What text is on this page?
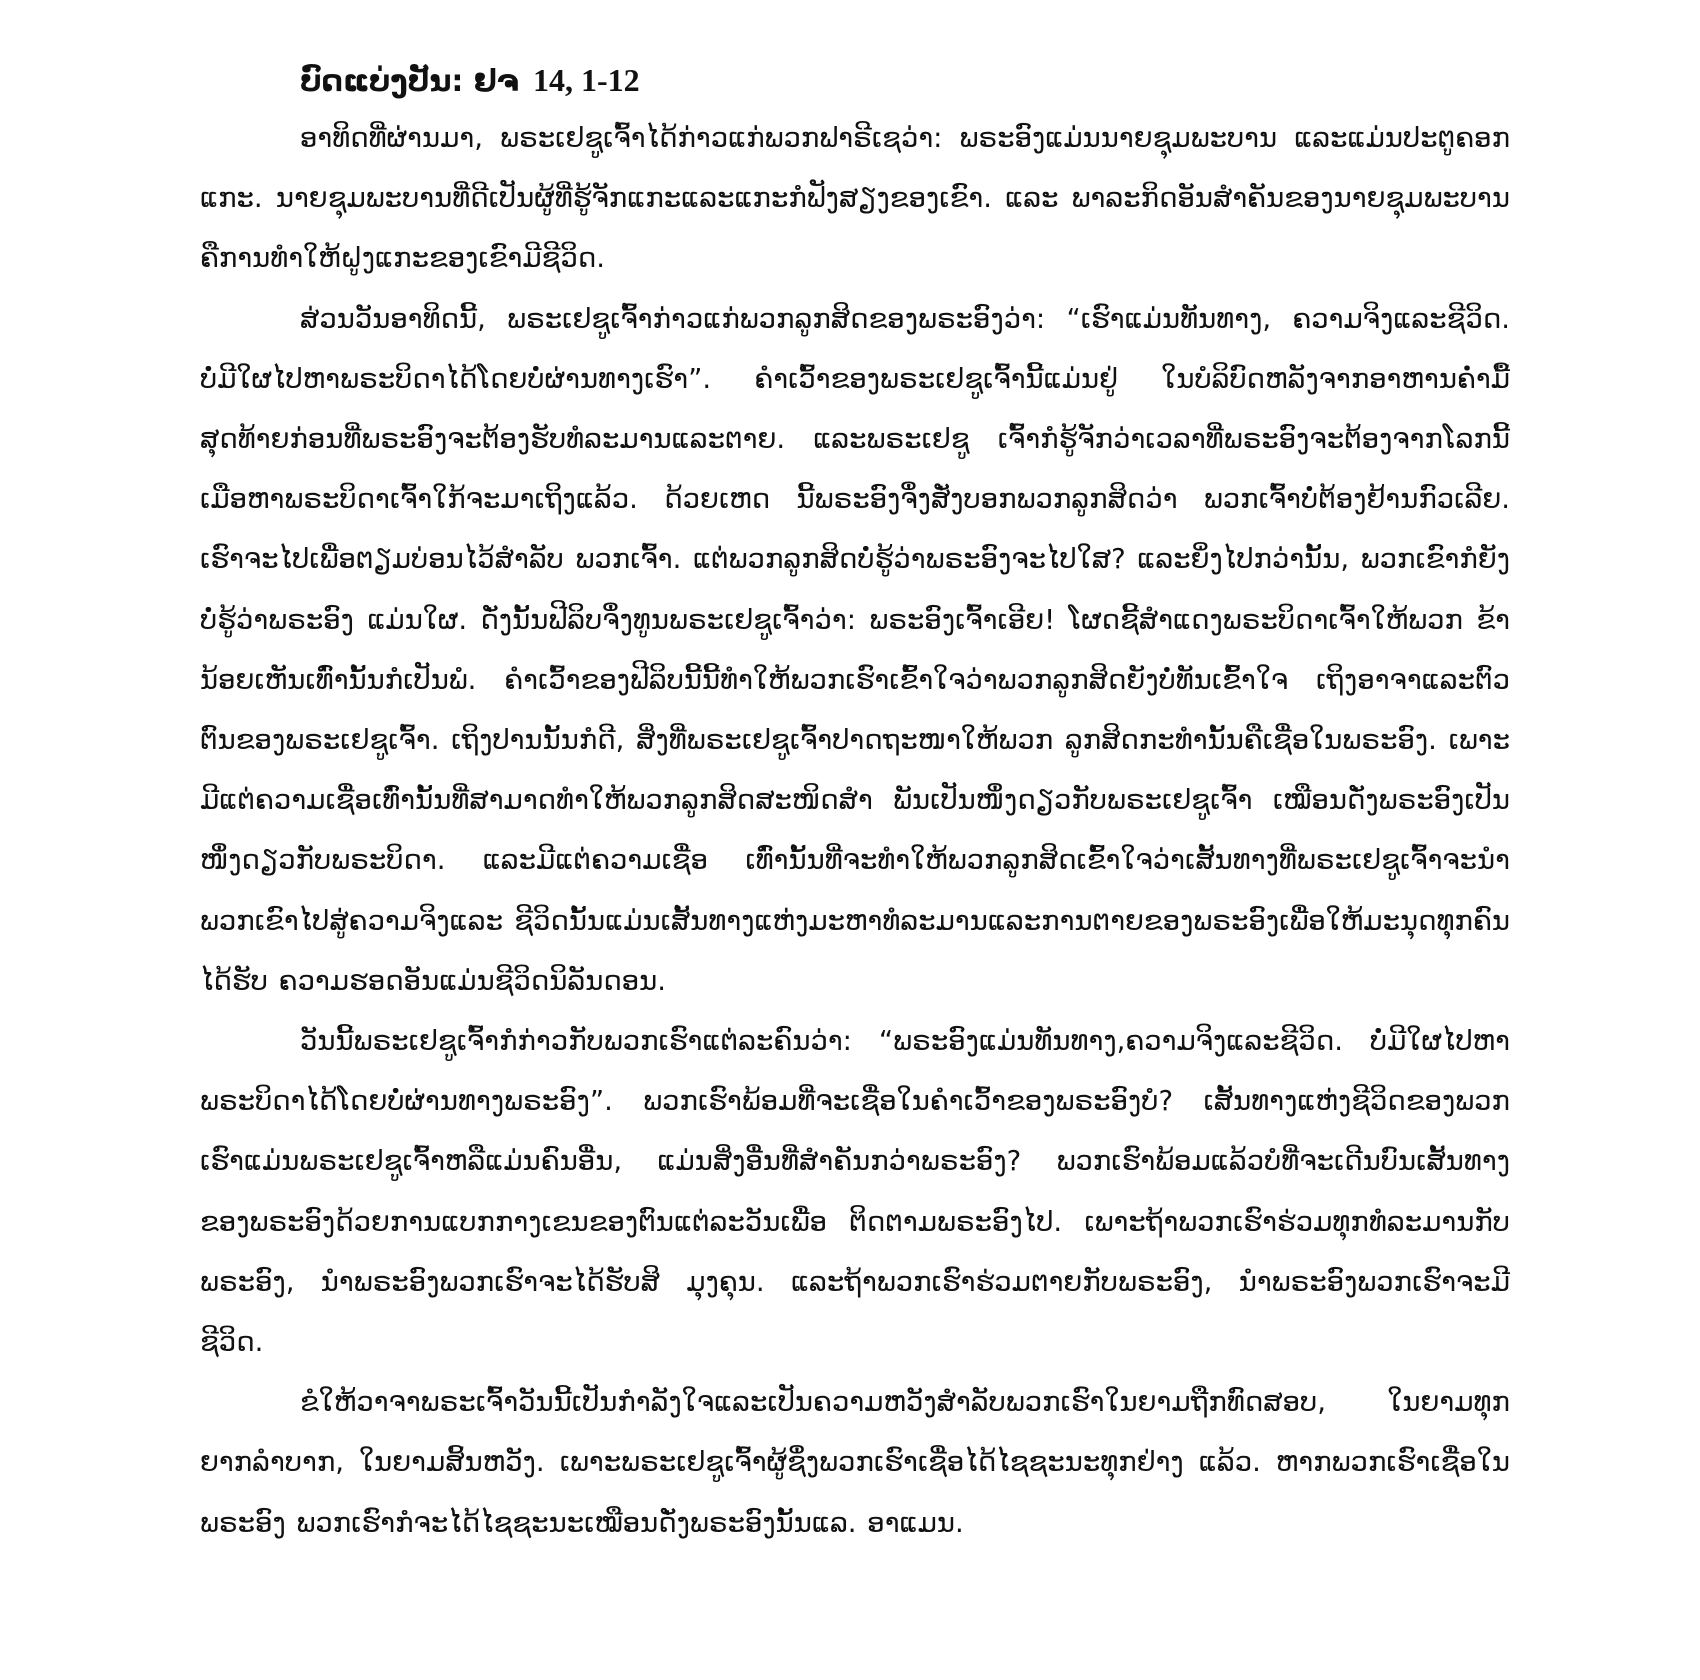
ບົດແບ່ງປັນ: ຢຈ 14, 1-12

ອາທິດທີ່ຜ່ານມາ, ພຣະເຢຊູເຈົ້າໄດ້ກ່າວແກ່ພວກຟາຣີເຊວ່າ: ພຣະອົງແມ່ນນາຍຊຸມພະບານ ແລະແມ່ນປະຕູຄອກແກະ. ນາຍຊຸມພະບານທີ່ດີເປັນຜູ້ທີ່ຮູ້ຈັກແກະແລະແກະກໍຟັງສຽງຂອງເຂົາ. ແລະ ພາລະກິດອັນສໍາຄັນຂອງນາຍຊຸມພະບານຄືການທໍາໃຫ້ຝູງແກະຂອງເຂົາມີຊີວິດ.

ສ່ວນວັນອາທິດນີ້, ພຣະເຢຊູເຈົ້າກ່າວແກ່ພວກລູກສິດຂອງພຣະອົງວ່າ: “ເຮົາແມ່ນທັນທາງ, ຄວາມຈິງແລະຊີວິດ. ບໍ່ມີໃຜໄປຫາພຣະບິດາໄດ້ໂດຍບໍ່ຜ່ານທາງເຮົາ”. ຄໍາເວົ້າຂອງພຣະເຢຊູເຈົ້ານີ້ແມ່ນຢູ່ ໃນບໍລິບົດຫລັງຈາກອາຫານຄໍ່າມື້ສຸດທ້າຍກ່ອນທີ່ພຣະອົງຈະຕ້ອງຮັບທໍລະມານແລະຕາຍ. ແລະພຣະເຢຊູ ເຈົ້າກໍຮູ້ຈັກວ່າເວລາທີ່ພຣະອົງຈະຕ້ອງຈາກໂລກນີ້ເມືອຫາພຣະບິດາເຈົ້າໃກ້ຈະມາເຖິງແລ້ວ. ດ້ວຍເຫດ ນີ້ພຣະອົງຈຶ່ງສັ່ງບອກພວກລູກສິດວ່າ ພວກເຈົ້າບໍ່ຕ້ອງຢ້ານກົວເລີຍ. ເຮົາຈະໄປເພື່ອຕຽມບ່ອນໄວ້ສໍາລັບ ພວກເຈົ້າ. ແຕ່ພວກລູກສິດບໍ່ຮູ້ວ່າພຣະອົງຈະໄປໃສ? ແລະຍິ່ງໄປກວ່ານັ້ນ, ພວກເຂົາກໍຍັງບໍ່ຮູ້ວ່າພຣະອົງ ແມ່ນໃຜ. ດັ່ງນັ້ນຟີລິບຈຶ່ງທູນພຣະເຢຊູເຈົ້າວ່າ: ພຣະອົງເຈົ້າເອີຍ! ໂຜດຊີ້ສໍາແດງພຣະບິດາເຈົ້າໃຫ້ພວກ ຂ້ານ້ອຍເຫັນເທົ່ານັ້ນກໍເປັນພໍ. ຄໍາເວົ້າຂອງຟີລິບນີ້ນີ້ທໍາໃຫ້ພວກເຮົາເຂົ້າໃຈວ່າພວກລູກສິດຍັງບໍ່ທັນເຂົ້າໃຈ ເຖິງອາຈາແລະຕົວຕົນຂອງພຣະເຢຊູເຈົ້າ. ເຖິງປານນັ້ນກໍດີ, ສິ່ງທີ່ພຣະເຢຊູເຈົ້າປາດຖະໜາໃຫ້ພວກ ລູກສິດກະທໍານັ້ນຄືເຊື່ອໃນພຣະອົງ. ເພາະມີແຕ່ຄວາມເຊື່ອເທົ່ານັ້ນທີ່ສາມາດທໍາໃຫ້ພວກລູກສິດສະໜິດສໍາ ພັນເປັນໜຶ່ງດຽວກັບພຣະເຢຊູເຈົ້າ ເໝືອນດັ່ງພຣະອົງເປັນໜຶ່ງດຽວກັບພຣະບິດາ. ແລະມີແຕ່ຄວາມເຊື່ອ ເທົ່ານັ້ນທີ່ຈະທໍາໃຫ້ພວກລູກສິດເຂົ້າໃຈວ່າເສັ້ນທາງທີ່ພຣະເຢຊູເຈົ້າຈະນໍາພວກເຂົາໄປສູ່ຄວາມຈິງແລະ ຊີວິດນັ້ນແມ່ນເສັ້ນທາງແຫ່ງມະຫາທໍລະມານແລະການຕາຍຂອງພຣະອົງເພື່ອໃຫ້ມະນຸດທຸກຄົນໄດ້ຮັບ ຄວາມຮອດອັນແມ່ນຊີວິດນິລັນດອນ.

ວັນນີ້ພຣະເຢຊູເຈົ້າກໍກ່າວກັບພວກເຮົາແຕ່ລະຄົນວ່າ: “ພຣະອົງແມ່ນທັນທາງ,ຄວາມຈິງແລະຊີວິດ. ບໍ່ມີໃຜໄປຫາພຣະບິດາໄດ້ໂດຍບໍ່ຜ່ານທາງພຣະອົງ”. ພວກເຮົາພ້ອມທີ່ຈະເຊື່ອໃນຄໍາເວົ້າຂອງພຣະອົງບໍ? ເສັ້ນທາງແຫ່ງຊີວິດຂອງພວກເຮົາແມ່ນພຣະເຢຊູເຈົ້າຫລືແມ່ນຄົນອື່ນ, ແມ່ນສິ່ງອື່ນທີ່ສໍາຄັນກວ່າພຣະອົງ? ພວກເຮົາພ້ອມແລ້ວບໍທີ່ຈະເດີນບົນເສັ້ນທາງຂອງພຣະອົງດ້ວຍການແບກກາງເຂນຂອງຕົນແຕ່ລະວັນເພື່ອ ຕິດຕາມພຣະອົງໄປ. ເພາະຖ້າພວກເຮົາຮ່ວມທຸກທໍລະມານກັບພຣະອົງ, ນໍາພຣະອົງພວກເຮົາຈະໄດ້ຮັບສິ ມຸງຄຸນ. ແລະຖ້າພວກເຮົາຮ່ວມຕາຍກັບພຣະອົງ, ນໍາພຣະອົງພວກເຮົາຈະມີຊີວິດ.

ຂໍໃຫ້ວາຈາພຣະເຈົ້າວັນນີ້ເປັນກໍາລັງໃຈແລະເປັນຄວາມຫວັງສໍາລັບພວກເຮົາໃນຍາມຖືກທົດສອບ, ໃນຍາມທຸກຍາກລໍາບາກ, ໃນຍາມສິ້ນຫວັງ. ເພາະພຣະເຢຊູເຈົ້າຜູ້ຊຶ່ງພວກເຮົາເຊື່ອໄດ້ໄຊຊະນະທຸກຢ່າງ ແລ້ວ. ຫາກພວກເຮົາເຊື່ອໃນພຣະອົງ ພວກເຮົາກໍຈະໄດ້ໄຊຊະນະເໝືອນດັ່ງພຣະອົງນັ້ນແລ. ອາແມນ.
